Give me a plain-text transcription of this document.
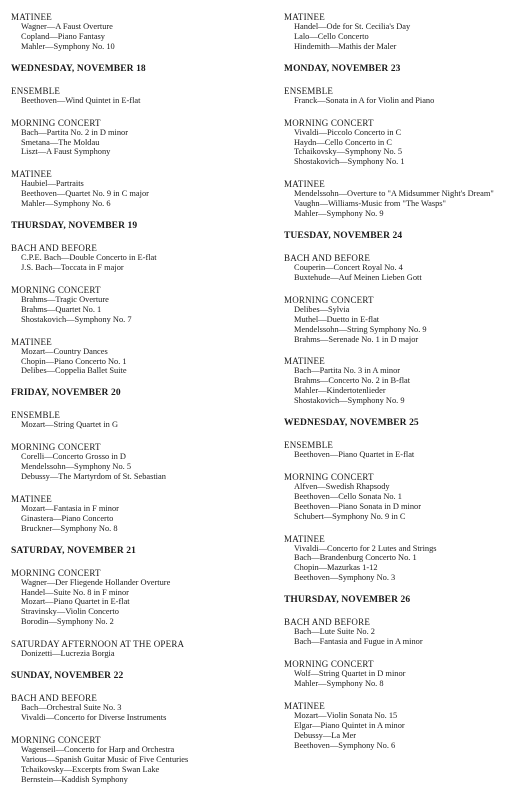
MATINEE
Wagner—A Faust Overture
Copland—Piano Fantasy
Mahler—Symphony No. 10
WEDNESDAY, NOVEMBER 18
ENSEMBLE
Beethoven—Wind Quintet in E-flat
MORNING CONCERT
Bach—Partita No. 2 in D minor
Smetana—The Moldau
Liszt—A Faust Symphony
MATINEE
Haubiel—Partraits
Beethoven—Quartet No. 9 in C major
Mahler—Symphony No. 6
THURSDAY, NOVEMBER 19
BACH AND BEFORE
C.P.E. Bach—Double Concerto in E-flat
J.S. Bach—Toccata in F major
MORNING CONCERT
Brahms—Tragic Overture
Brahms—Quartet No. 1
Shostakovich—Symphony No. 7
MATINEE
Mozart—Country Dances
Chopin—Piano Concerto No. 1
Delibes—Coppelia Ballet Suite
FRIDAY, NOVEMBER 20
ENSEMBLE
Mozart—String Quartet in G
MORNING CONCERT
Corelli—Concerto Grosso in D
Mendelssohn—Symphony No. 5
Debussy—The Martyrdom of St. Sebastian
MATINEE
Mozart—Fantasia in F minor
Ginastera—Piano Concerto
Bruckner—Symphony No. 8
SATURDAY, NOVEMBER 21
MORNING CONCERT
Wagner—Der Fliegende Hollander Overture
Handel—Suite No. 8 in F minor
Mozart—Piano Quartet in E-flat
Stravinsky—Violin Concerto
Borodin—Symphony No. 2
SATURDAY AFTERNOON AT THE OPERA
Donizetti—Lucrezia Borgia
SUNDAY, NOVEMBER 22
BACH AND BEFORE
Bach—Orchestral Suite No. 3
Vivaldi—Concerto for Diverse Instruments
MORNING CONCERT
Wagenseil—Concerto for Harp and Orchestra
Various—Spanish Guitar Music of Five Centuries
Tchaikovsky—Excerpts from Swan Lake
Bernstein—Kaddish Symphony
MATINEE
Handel—Ode for St. Cecilia's Day
Lalo—Cello Concerto
Hindemith—Mathis der Maler
MONDAY, NOVEMBER 23
ENSEMBLE
Franck—Sonata in A for Violin and Piano
MORNING CONCERT
Vivaldi—Piccolo Concerto in C
Haydn—Cello Concerto in C
Tchaikovsky—Symphony No. 5
Shostakovich—Symphony No. 1
MATINEE
Mendelssohn—Overture to "A Midsummer Night's Dream"
Vaughn—Williams-Music from "The Wasps"
Mahler—Symphony No. 9
TUESDAY, NOVEMBER 24
BACH AND BEFORE
Couperin—Concert Royal No. 4
Buxtehude—Auf Meinen Lieben Gott
MORNING CONCERT
Delibes—Sylvia
Muthel—Duetto in E-flat
Mendelssohn—String Symphony No. 9
Brahms—Serenade No. 1 in D major
MATINEE
Bach—Partita No. 3 in A minor
Brahms—Concerto No. 2 in B-flat
Mahler—Kindertotenlieder
Shostakovich—Symphony No. 9
WEDNESDAY, NOVEMBER 25
ENSEMBLE
Beethoven—Piano Quartet in E-flat
MORNING CONCERT
Alfven—Swedish Rhapsody
Beethoven—Cello Sonata No. 1
Beethoven—Piano Sonata in D minor
Schubert—Symphony No. 9 in C
MATINEE
Vivaldi—Concerto for 2 Lutes and Strings
Bach—Brandenburg Concerto No. 1
Chopin—Mazurkas 1-12
Beethoven—Symphony No. 3
THURSDAY, NOVEMBER 26
BACH AND BEFORE
Bach—Lute Suite No. 2
Bach—Fantasia and Fugue in A minor
MORNING CONCERT
Wolf—String Quartet in D minor
Mahler—Symphony No. 8
MATINEE
Mozart—Violin Sonata No. 15
Elgar—Piano Quintet in A minor
Debussy—La Mer
Beethoven—Symphony No. 6
